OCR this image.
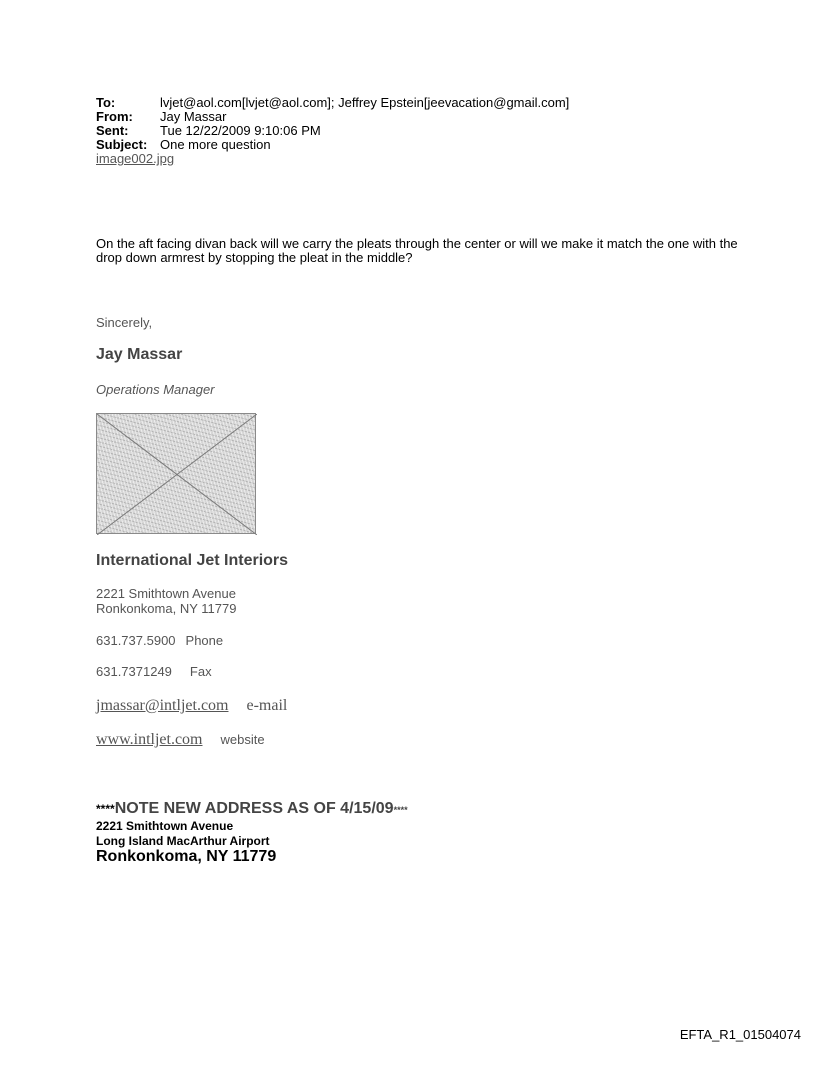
To:	lvjet@aol.com[lvjet@aol.com]; Jeffrey Epstein[jeevacation@gmail.com]
From:	Jay Massar
Sent:	Tue 12/22/2009 9:10:06 PM
Subject: One more question
image002.jpg
On the aft facing divan back will we carry the pleats through the center or will we make it match the one with the drop down armrest by stopping the pleat in the middle?
Sincerely,
Jay Massar
Operations Manager
International Jet Interiors
2221 Smithtown Avenue
Ronkonkoma, NY 11779
631.737.5900 Phone
631.7371249 Fax
jmassar@intljet.com e-mail
www.intljet.com website
****NOTE NEW ADDRESS AS OF 4/15/09****
2221 Smithtown Avenue
Long Island MacArthur Airport
Ronkonkoma, NY 11779
EFTA_R1_01504074
